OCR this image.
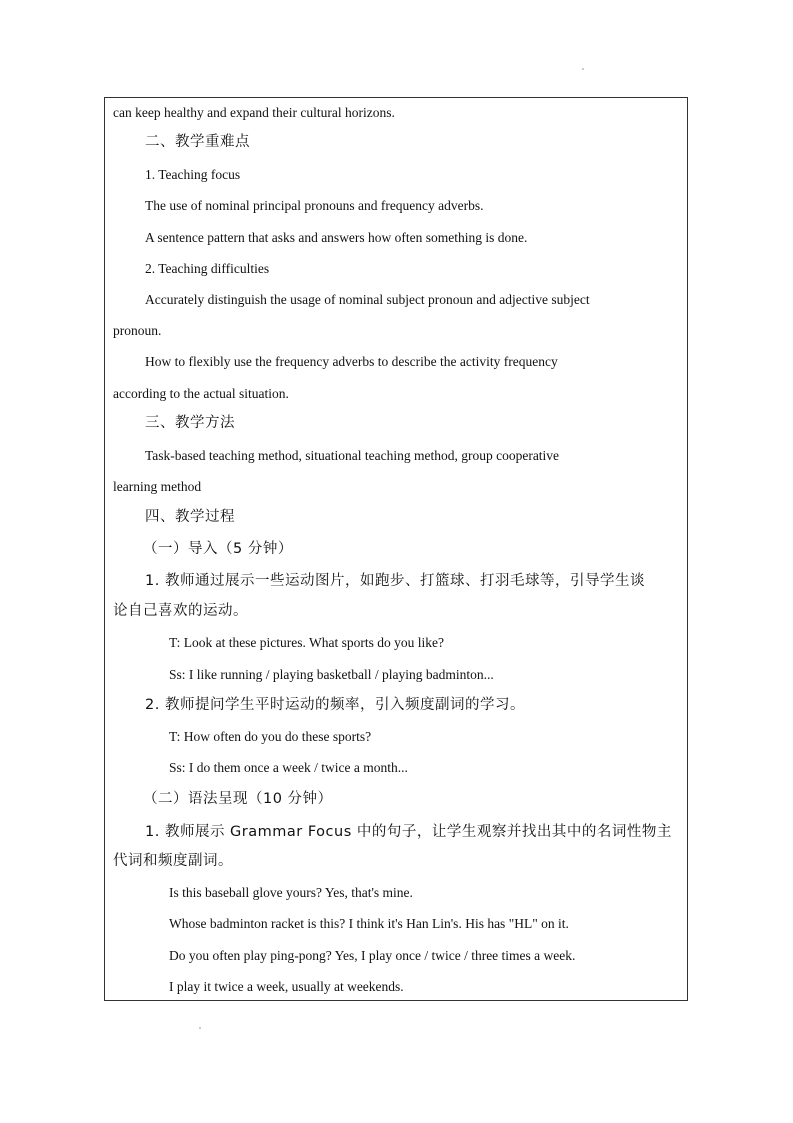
can keep healthy and expand their cultural horizons.
二、教学重难点
1. Teaching focus
The use of nominal principal pronouns and frequency adverbs.
A sentence pattern that asks and answers how often something is done.
2. Teaching difficulties
Accurately distinguish the usage of nominal subject pronoun and adjective subject
pronoun.
How to flexibly use the frequency adverbs to describe the activity frequency
according to the actual situation.
三、教学方法
Task-based teaching method, situational teaching method, group cooperative
learning method
四、教学过程
（一）导入（5 分钟）
1. 教师通过展示一些运动图片，如跑步、打篮球、打羽毛球等，引导学生谈
论自己喜欢的运动。
T: Look at these pictures. What sports do you like?
Ss: I like running / playing basketball / playing badminton...
2. 教师提问学生平时运动的频率，引入频度副词的学习。
T: How often do you do these sports?
Ss: I do them once a week / twice a month...
（二）语法呈现（10 分钟）
1. 教师展示 Grammar Focus 中的句子，让学生观察并找出其中的名词性物主
代词和频度副词。
Is this baseball glove yours? Yes, that's mine.
Whose badminton racket is this? I think it's Han Lin's. His has "HL" on it.
Do you often play ping-pong? Yes, I play once / twice / three times a week.
I play it twice a week, usually at weekends.
